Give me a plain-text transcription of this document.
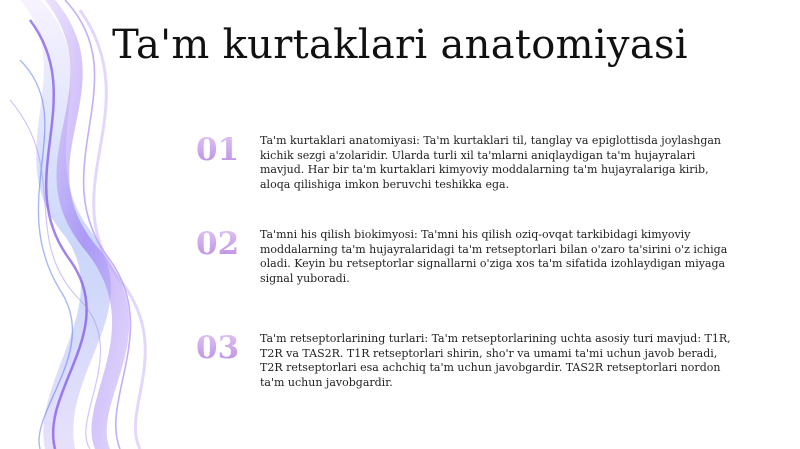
Ta'm kurtaklari anatomiyasi
01	Ta'm kurtaklari anatomiyasi: Ta'm kurtaklari til, tanglay va epiglottisda joylashgan kichik sezgi a'zolaridir. Ularda turli xil ta'mlarni aniqlaydigan ta'm hujayralari mavjud. Har bir ta'm kurtaklari kimyoviy moddalarning ta'm hujayralariga kirib, aloqa qilishiga imkon beruvchi teshikka ega.
02	Ta'mni his qilish biokimyosi: Ta'mni his qilish oziq-ovqat tarkibidagi kimyoviy moddalarning ta'm hujayralaridagi ta'm retseptorlari bilan o'zaro ta'sirini o'z ichiga oladi. Keyin bu retseptorlar signallarni o'ziga xos ta'm sifatida izohlaydigan miyaga signal yuboradi.
03	Ta'm retseptorlarining turlari: Ta'm retseptorlarining uchta asosiy turi mavjud: T1R, T2R va TAS2R. T1R retseptorlari shirin, sho'r va umami ta'mi uchun javob beradi, T2R retseptorlari esa achchiq ta'm uchun javobgardir. TAS2R retseptorlari nordon ta'm uchun javobgardir.
